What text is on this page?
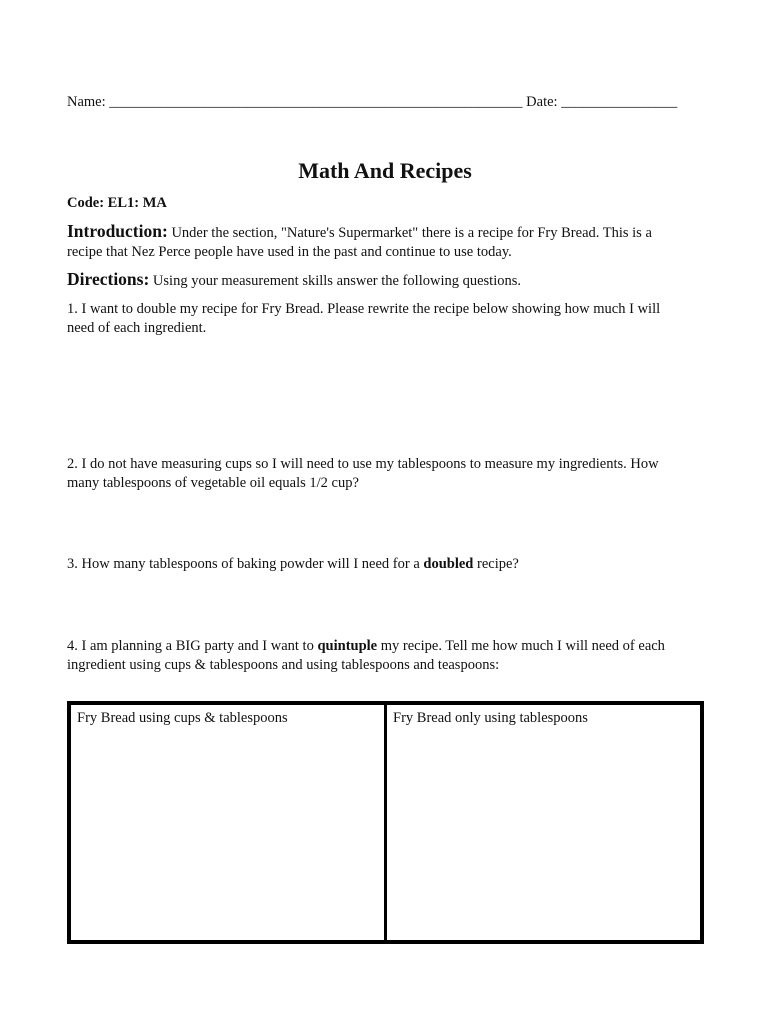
Name: _________________________________________________________ Date: ________________
Math And Recipes
Code: EL1: MA
Introduction: Under the section, "Nature's Supermarket" there is a recipe for Fry Bread. This is a
recipe that Nez Perce people have used in the past and continue to use today.
Directions: Using your measurement skills answer the following questions.
1. I want to double my recipe for Fry Bread. Please rewrite the recipe below showing how much I will
need of each ingredient.
2. I do not have measuring cups so I will need to use my tablespoons to measure my ingredients. How
many tablespoons of vegetable oil equals 1/2 cup?
3. How many tablespoons of baking powder will I need for a doubled recipe?
4. I am planning a BIG party and I want to quintuple my recipe. Tell me how much I will need of each
ingredient using cups & tablespoons and using tablespoons and teaspoons:
Fry Bread using cups & tablespoons	Fry Bread only using tablespoons
